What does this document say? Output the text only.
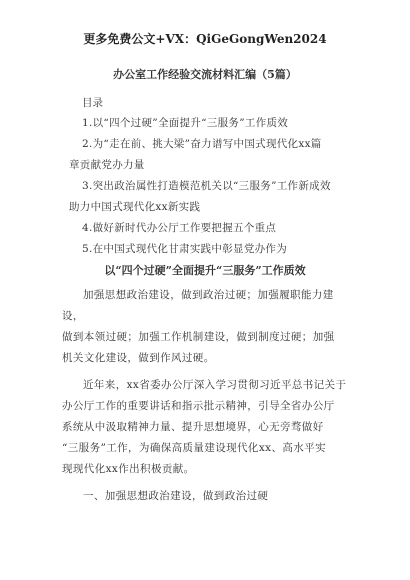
更多免费公文+VX：QiGeGongWen2024
办公室工作经验交流材料汇编（5篇）
目录
1.以“四个过硬”全面提升“三服务”工作质效
2.为“走在前、挑大梁”奋力谱写中国式现代化xx篇
章贡献党办力量
3.突出政治属性打造模范机关以“三服务”工作新成效
助力中国式现代化xx新实践
4.做好新时代办公厅工作要把握五个重点
5.在中国式现代化甘肃实践中彰显党办作为
以“四个过硬”全面提升“三服务”工作质效

加强思想政治建设，做到政治过硬；加强履职能力建设，
做到本领过硬；加强工作机制建设，做到制度过硬；加强
机关文化建设，做到作风过硬。

近年来，xx省委办公厅深入学习贯彻习近平总书记关于
办公厅工作的重要讲话和指示批示精神，引导全省办公厅
系统从中汲取精神力量、提升思想境界，心无旁骛做好
“三服务”工作，为确保高质量建设现代化xx、高水平实
现现代化xx作出积极贡献。

一、加强思想政治建设，做到政治过硬
